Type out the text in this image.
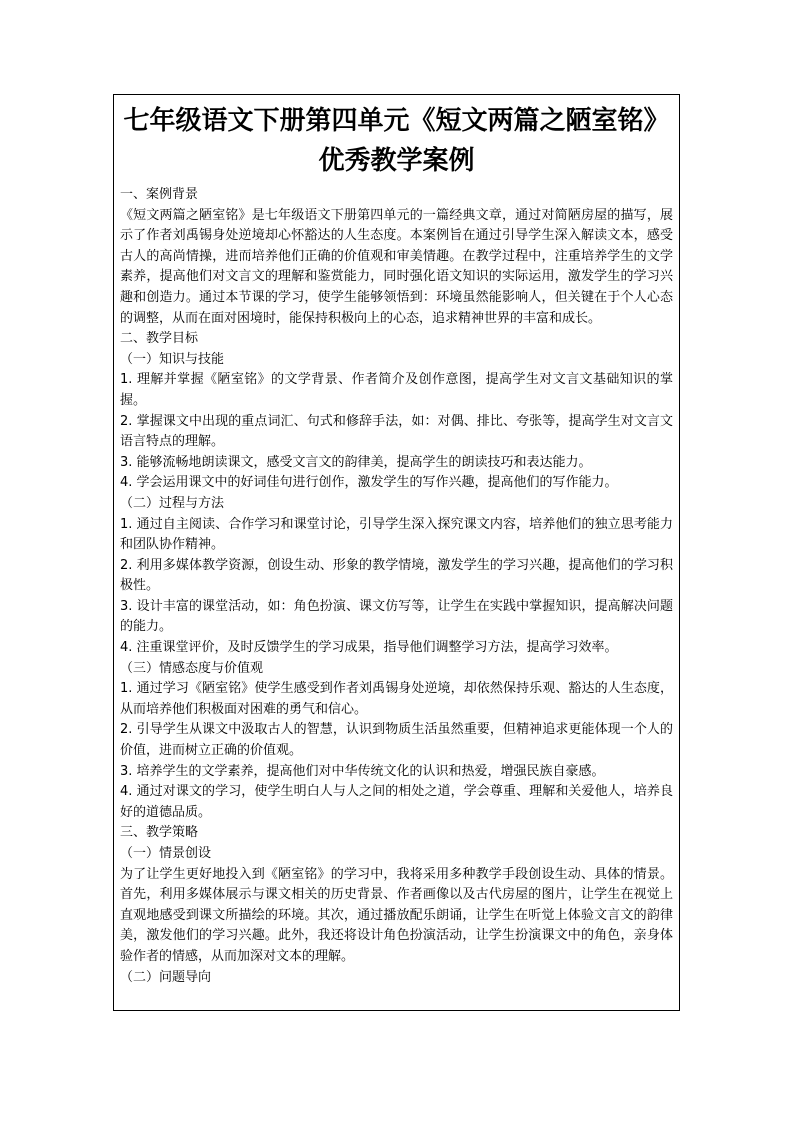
七年级语文下册第四单元《短文两篇之陋室铭》优秀教学案例

一、案例背景

《短文两篇之陋室铭》是七年级语文下册第四单元的一篇经典文章，通过对简陋房屋的描写，展示了作者刘禹锡身处逆境却心怀豁达的人生态度。本案例旨在通过引导学生深入解读文本，感受古人的高尚情操，进而培养他们正确的价值观和审美情趣。在教学过程中，注重培养学生的文学素养，提高他们对文言文的理解和鉴赏能力，同时强化语文知识的实际运用，激发学生的学习兴趣和创造力。通过本节课的学习，使学生能够领悟到：环境虽然能影响人，但关键在于个人心态的调整，从而在面对困境时，能保持积极向上的心态，追求精神世界的丰富和成长。

二、教学目标

（一）知识与技能

1. 理解并掌握《陋室铭》的文学背景、作者简介及创作意图，提高学生对文言文基础知识的掌握。

2. 掌握课文中出现的重点词汇、句式和修辞手法，如：对偶、排比、夸张等，提高学生对文言文语言特点的理解。

3. 能够流畅地朗读课文，感受文言文的韵律美，提高学生的朗读技巧和表达能力。

4. 学会运用课文中的好词佳句进行创作，激发学生的写作兴趣，提高他们的写作能力。

（二）过程与方法

1. 通过自主阅读、合作学习和课堂讨论，引导学生深入探究课文内容，培养他们的独立思考能力和团队协作精神。

2. 利用多媒体教学资源，创设生动、形象的教学情境，激发学生的学习兴趣，提高他们的学习积极性。

3. 设计丰富的课堂活动，如：角色扮演、课文仿写等，让学生在实践中掌握知识，提高解决问题的能力。

4. 注重课堂评价，及时反馈学生的学习成果，指导他们调整学习方法，提高学习效率。

（三）情感态度与价值观

1. 通过学习《陋室铭》使学生感受到作者刘禹锡身处逆境，却依然保持乐观、豁达的人生态度，从而培养他们积极面对困难的勇气和信心。

2. 引导学生从课文中汲取古人的智慧，认识到物质生活虽然重要，但精神追求更能体现一个人的价值，进而树立正确的价值观。

3. 培养学生的文学素养，提高他们对中华传统文化的认识和热爱，增强民族自豪感。

4. 通过对课文的学习，使学生明白人与人之间的相处之道，学会尊重、理解和关爱他人，培养良好的道德品质。

三、教学策略

（一）情景创设

为了让学生更好地投入到《陋室铭》的学习中，我将采用多种教学手段创设生动、具体的情景。首先，利用多媒体展示与课文相关的历史背景、作者画像以及古代房屋的图片，让学生在视觉上直观地感受到课文所描绘的环境。其次，通过播放配乐朗诵，让学生在听觉上体验文言文的韵律美，激发他们的学习兴趣。此外，我还将设计角色扮演活动，让学生扮演课文中的角色，亲身体验作者的情感，从而加深对文本的理解。

（二）问题导向
